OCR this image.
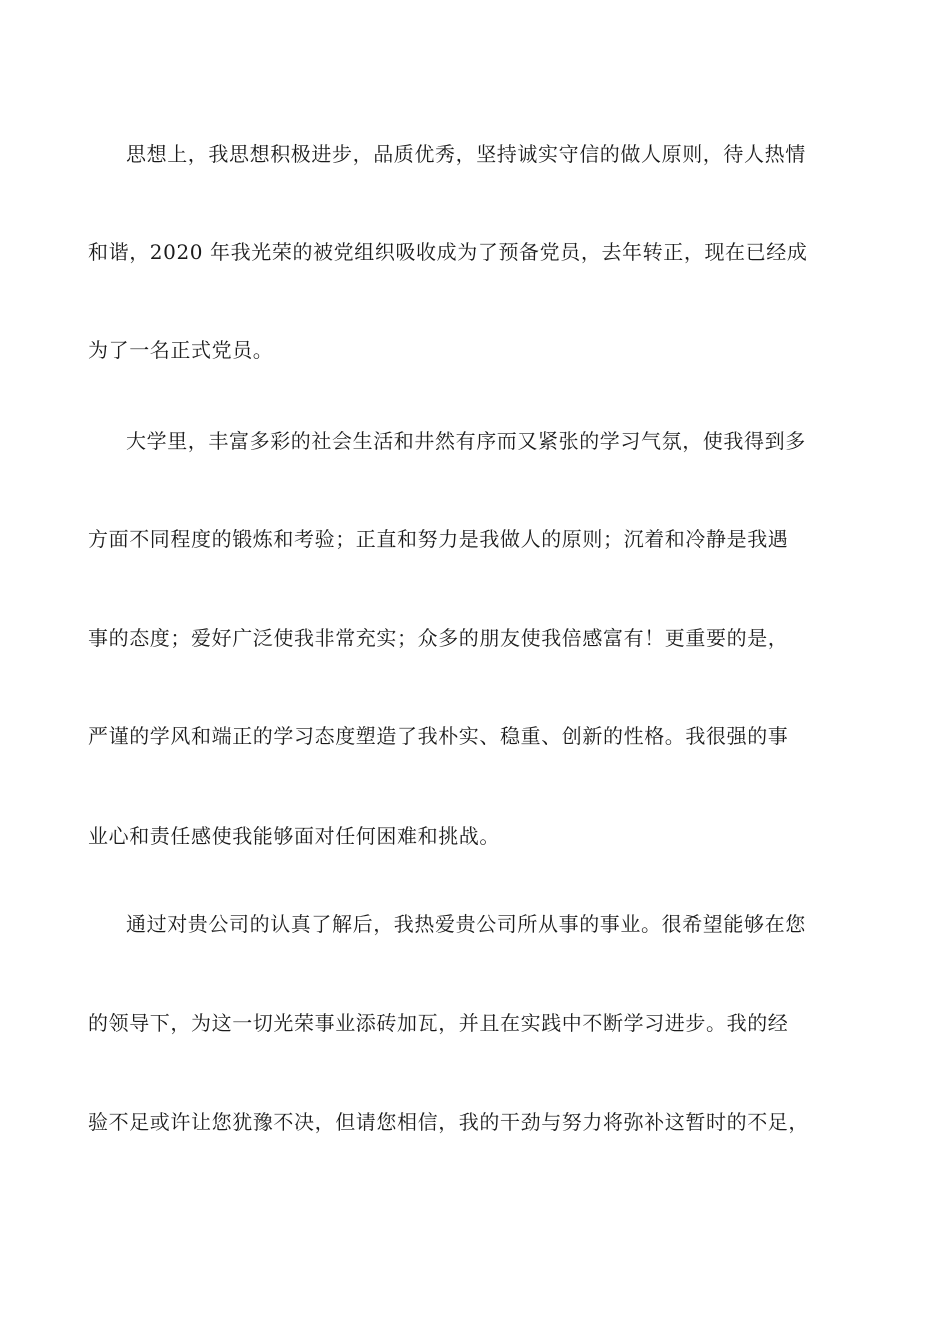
思想上，我思想积极进步，品质优秀，坚持诚实守信的做人原则，待人热情
和谐，2020 年我光荣的被党组织吸收成为了预备党员，去年转正，现在已经成
为了一名正式党员。
大学里，丰富多彩的社会生活和井然有序而又紧张的学习气氛，使我得到多
方面不同程度的锻炼和考验；正直和努力是我做人的原则；沉着和冷静是我遇
事的态度；爱好广泛使我非常充实；众多的朋友使我倍感富有！更重要的是，
严谨的学风和端正的学习态度塑造了我朴实、稳重、创新的性格。我很强的事
业心和责任感使我能够面对任何困难和挑战。
通过对贵公司的认真了解后，我热爱贵公司所从事的事业。很希望能够在您
的领导下，为这一切光荣事业添砖加瓦，并且在实践中不断学习进步。我的经
验不足或许让您犹豫不决，但请您相信，我的干劲与努力将弥补这暂时的不足，
